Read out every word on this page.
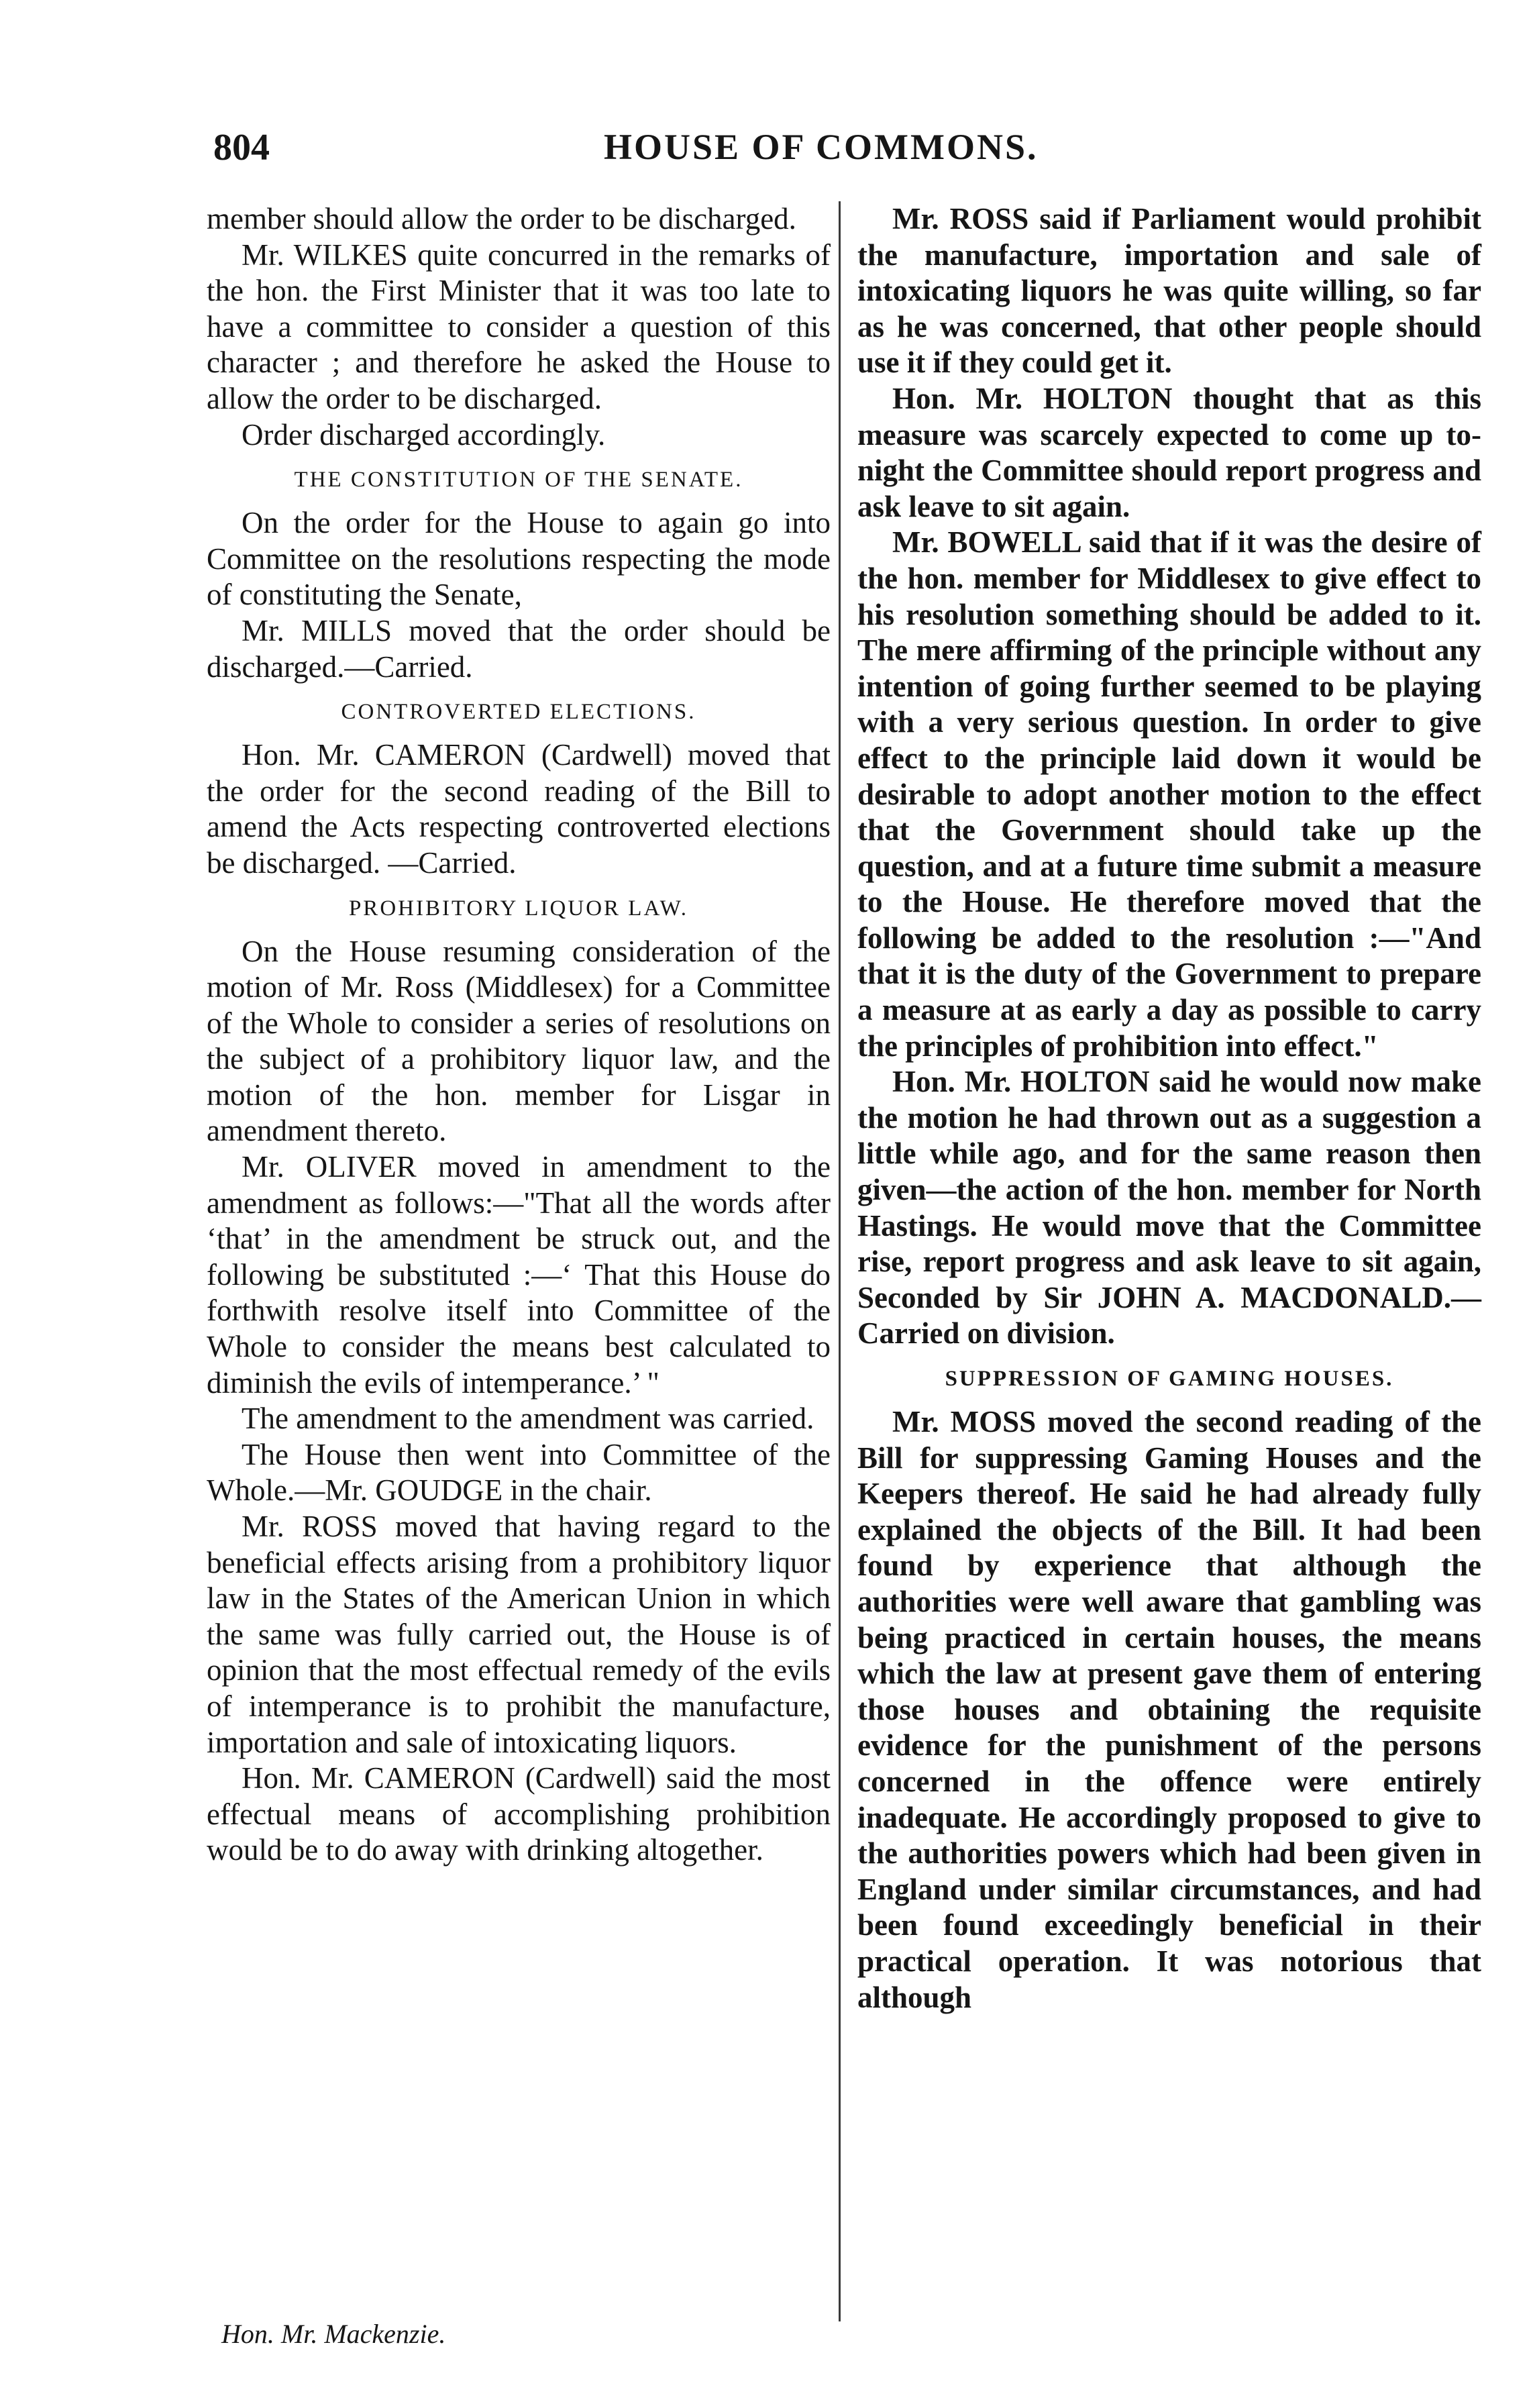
804	HOUSE OF COMMONS.

member should allow the order to be discharged.

Mr. WILKES quite concurred in the remarks of the hon. the First Minister that it was too late to have a committee to consider a question of this character ; and therefore he asked the House to allow the order to be discharged.

Order discharged accordingly.

THE CONSTITUTION OF THE SENATE.

On the order for the House to again go into Committee on the resolutions respecting the mode of constituting the Senate,

Mr. MILLS moved that the order should be discharged.—Carried.

CONTROVERTED ELECTIONS.

Hon. Mr. CAMERON (Cardwell) moved that the order for the second reading of the Bill to amend the Acts respecting controverted elections be discharged. —Carried.

PROHIBITORY LIQUOR LAW.

On the House resuming consideration of the motion of Mr. Ross (Middlesex) for a Committee of the Whole to consider a series of resolutions on the subject of a prohibitory liquor law, and the motion of the hon. member for Lisgar in amendment thereto.

Mr. OLIVER moved in amendment to the amendment as follows:—"That all the words after ‘that’ in the amendment be struck out, and the following be substituted :—‘ That this House do forthwith resolve itself into Committee of the Whole to consider the means best calculated to diminish the evils of intemperance.’ "

The amendment to the amendment was carried.

The House then went into Committee of the Whole.—Mr. GOUDGE in the chair.

Mr. ROSS moved that having regard to the beneficial effects arising from a prohibitory liquor law in the States of the American Union in which the same was fully carried out, the House is of opinion that the most effectual remedy of the evils of intemperance is to prohibit the manufacture, importation and sale of intoxicating liquors.

Hon. Mr. CAMERON (Cardwell) said the most effectual means of accomplishing prohibition would be to do away with drinking altogether.

Mr. ROSS said if Parliament would prohibit the manufacture, importation and sale of intoxicating liquors he was quite willing, so far as he was concerned, that other people should use it if they could get it.

Hon. Mr. HOLTON thought that as this measure was scarcely expected to come up to-night the Committee should report progress and ask leave to sit again.

Mr. BOWELL said that if it was the desire of the hon. member for Middlesex to give effect to his resolution something should be added to it. The mere affirming of the principle without any intention of going further seemed to be playing with a very serious question. In order to give effect to the principle laid down it would be desirable to adopt another motion to the effect that the Government should take up the question, and at a future time submit a measure to the House. He therefore moved that the following be added to the resolution :—"And that it is the duty of the Government to prepare a measure at as early a day as possible to carry the principles of prohibition into effect."

Hon. Mr. HOLTON said he would now make the motion he had thrown out as a suggestion a little while ago, and for the same reason then given—the action of the hon. member for North Hastings. He would move that the Committee rise, report progress and ask leave to sit again, Seconded by Sir JOHN A. MACDONALD.— Carried on division.

SUPPRESSION OF GAMING HOUSES.

Mr. MOSS moved the second reading of the Bill for suppressing Gaming Houses and the Keepers thereof. He said he had already fully explained the objects of the Bill. It had been found by experience that although the authorities were well aware that gambling was being practiced in certain houses, the means which the law at present gave them of entering those houses and obtaining the requisite evidence for the punishment of the persons concerned in the offence were entirely inadequate. He accordingly proposed to give to the authorities powers which had been given in England under similar circumstances, and had been found exceedingly beneficial in their practical operation. It was notorious that although

Hon. Mr. Mackenzie.
